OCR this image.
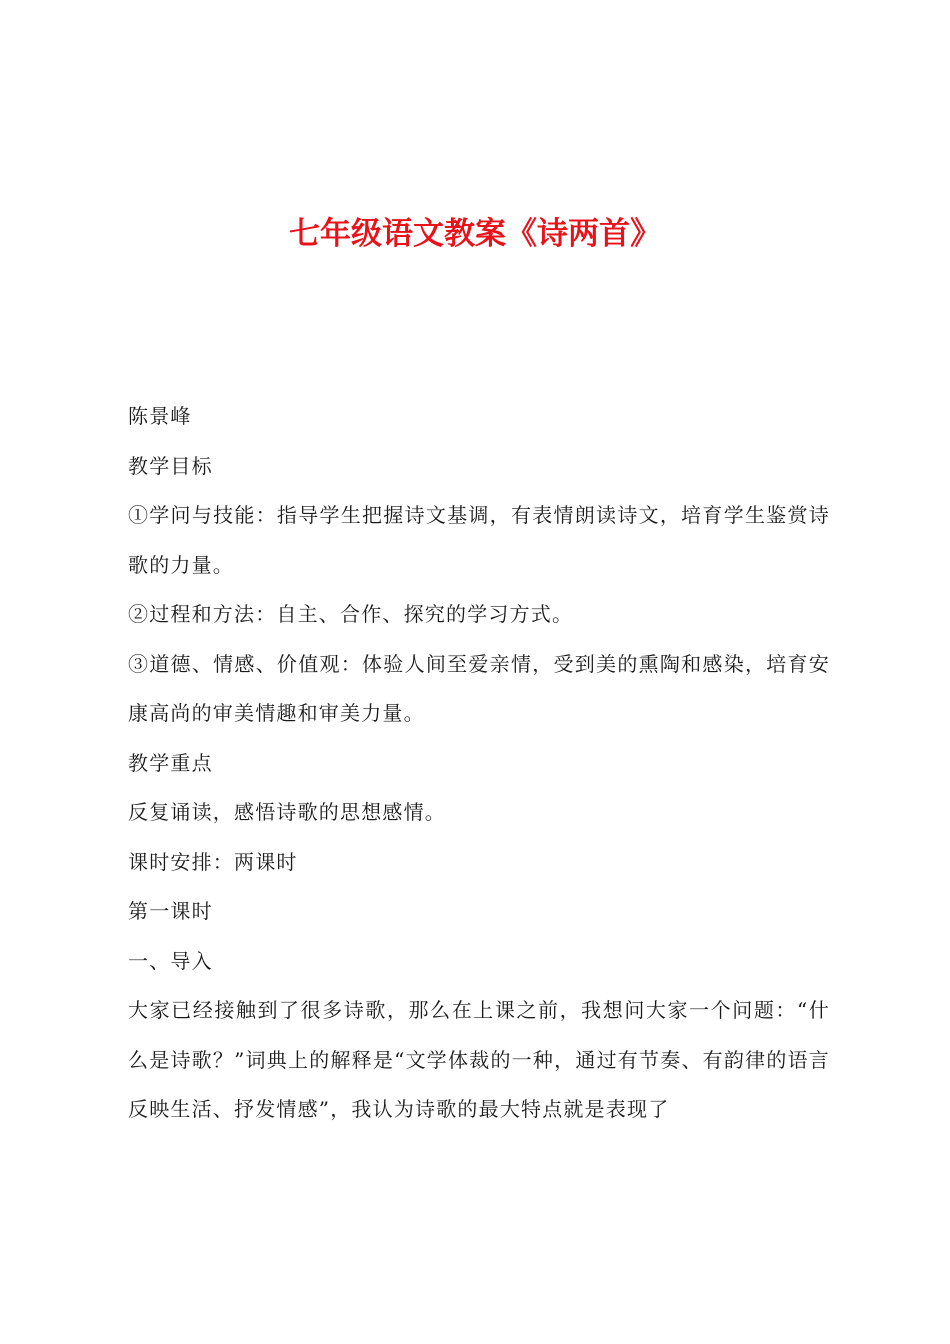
七年级语文教案《诗两首》

陈景峰

教学目标

①学问与技能：指导学生把握诗文基调，有表情朗读诗文，培育学生鉴赏诗歌的力量。

②过程和方法：自主、合作、探究的学习方式。

③道德、情感、价值观：体验人间至爱亲情，受到美的熏陶和感染，培育安康高尚的审美情趣和审美力量。

教学重点

反复诵读，感悟诗歌的思想感情。

课时安排：两课时

第一课时

一、导入

大家已经接触到了很多诗歌，那么在上课之前，我想问大家一个问题：“什么是诗歌？”词典上的解释是“文学体裁的一种，通过有节奏、有韵律的语言反映生活、抒发情感”，我认为诗歌的最大特点就是表现了
